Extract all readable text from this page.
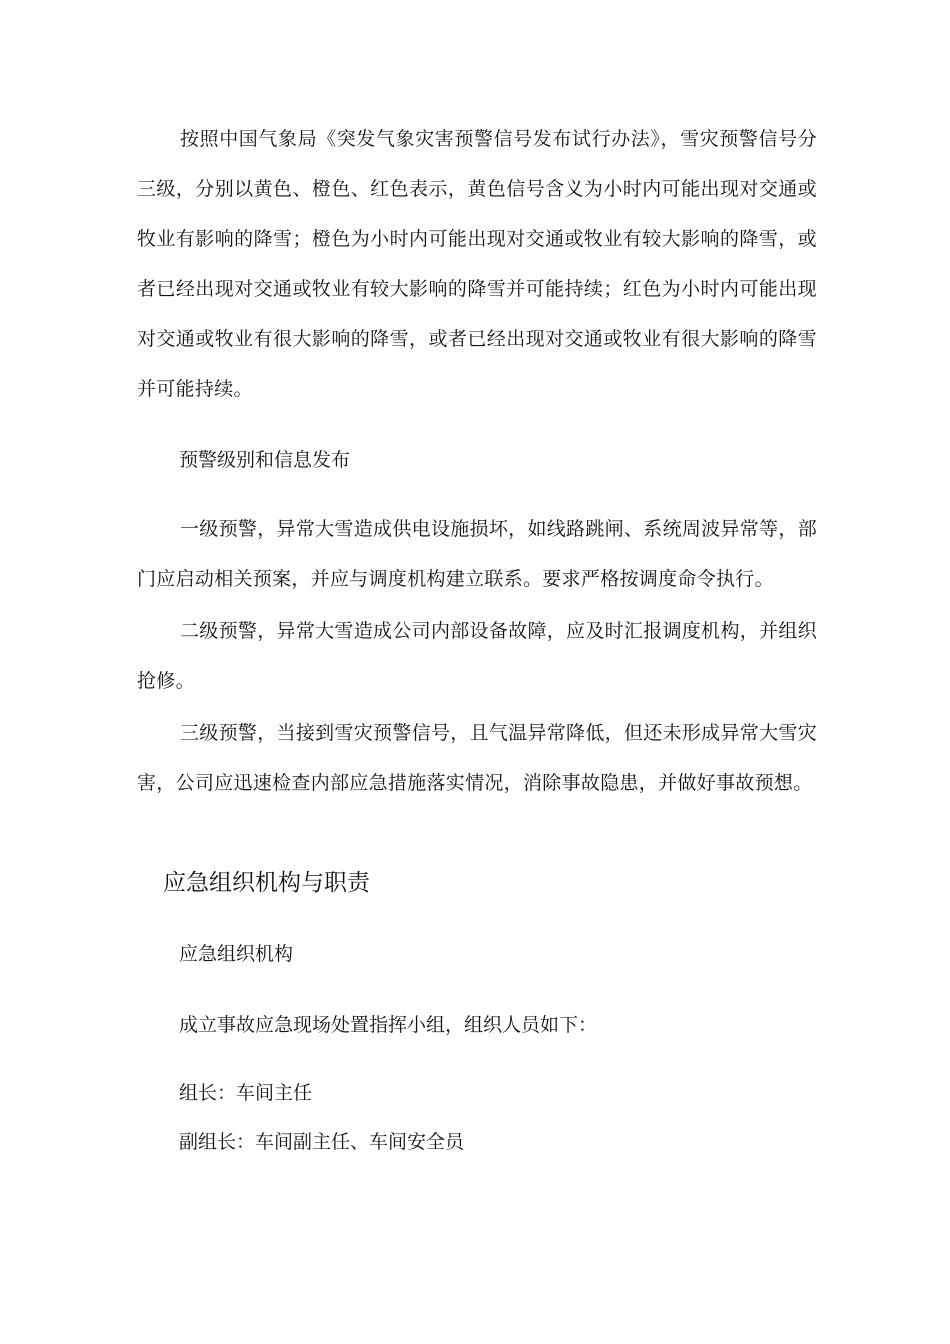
按照中国气象局《突发气象灾害预警信号发布试行办法》，雪灾预警信号分三级，分别以黄色、橙色、红色表示，黄色信号含义为小时内可能出现对交通或牧业有影响的降雪；橙色为小时内可能出现对交通或牧业有较大影响的降雪，或者已经出现对交通或牧业有较大影响的降雪并可能持续；红色为小时内可能出现对交通或牧业有很大影响的降雪，或者已经出现对交通或牧业有很大影响的降雪并可能持续。

预警级别和信息发布

一级预警，异常大雪造成供电设施损坏，如线路跳闸、系统周波异常等，部门应启动相关预案，并应与调度机构建立联系。要求严格按调度命令执行。

二级预警，异常大雪造成公司内部设备故障，应及时汇报调度机构，并组织抢修。

三级预警，当接到雪灾预警信号，且气温异常降低，但还未形成异常大雪灾害，公司应迅速检查内部应急措施落实情况，消除事故隐患，并做好事故预想。

应急组织机构与职责

应急组织机构

成立事故应急现场处置指挥小组，组织人员如下：

组长：车间主任

副组长：车间副主任、车间安全员
